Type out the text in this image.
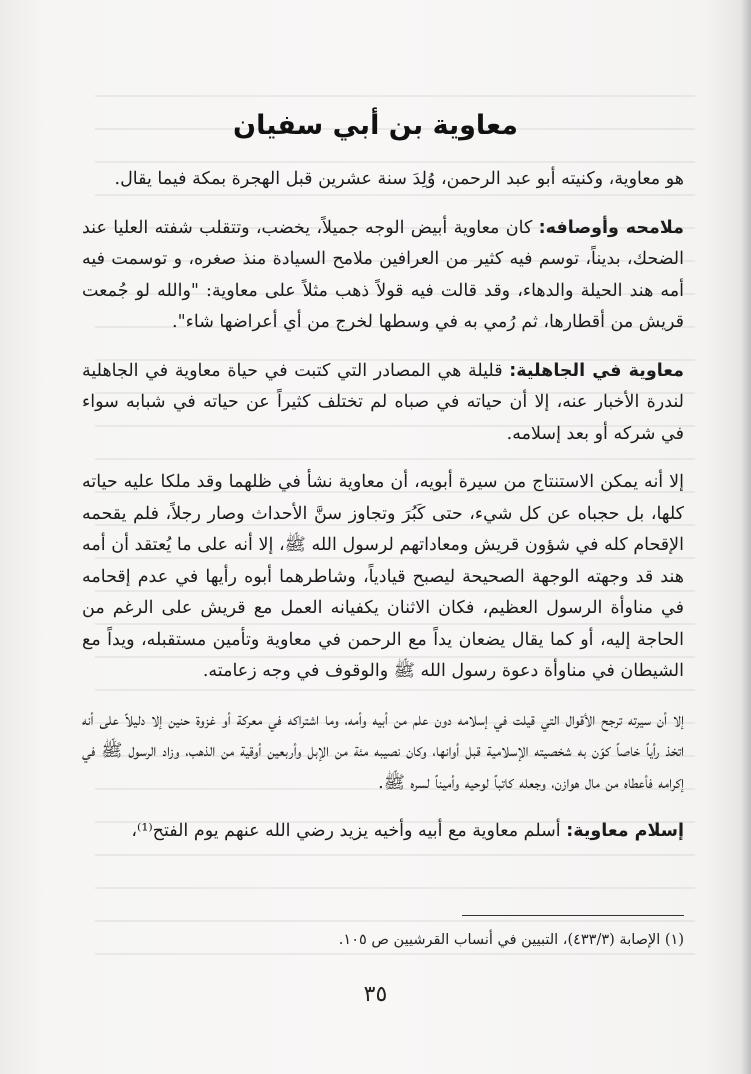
معاوية بن أبي سفيان

هو معاوية، وكنيته أبو عبد الرحمن، وُلِدَ سنة عشرين قبل الهجرة بمكة فيما يقال.

ملامحه وأوصافه: كان معاوية أبيض الوجه جميلاً، يخضب، وتتقلب شفته العليا عند الضحك، بديناً، توسم فيه كثير من العرافين ملامح السيادة منذ صغره، و توسمت فيه أمه هند الحيلة والدهاء، وقد قالت فيه قولاً ذهب مثلاً على معاوية: "والله لو جُمعت قريش من أقطارها، ثم رُمي به في وسطها لخرج من أي أعراضها شاء".

معاوية في الجاهلية: قليلة هي المصادر التي كتبت في حياة معاوية في الجاهلية لندرة الأخبار عنه، إلا أن حياته في صباه لم تختلف كثيراً عن حياته في شبابه سواء في شركه أو بعد إسلامه.

إلا أنه يمكن الاستنتاج من سيرة أبويه، أن معاوية نشأ في ظلهما وقد ملكا عليه حياته كلها، بل حجباه عن كل شيء، حتى كَبُرَ وتجاوز سنَّ الأحداث وصار رجلاً، فلم يقحمه الإقحام كله في شؤون قريش ومعاداتهم لرسول الله ﷺ، إلا أنه على ما يُعتقد أن أمه هند قد وجهته الوجهة الصحيحة ليصبح قيادياً، وشاطرهما أبوه رأيها في عدم إقحامه في مناوأة الرسول العظيم، فكان الاثنان يكفيانه العمل مع قريش على الرغم من الحاجة إليه، أو كما يقال يضعان يداً مع الرحمن في معاوية وتأمين مستقبله، ويداً مع الشيطان في مناوأة دعوة رسول الله ﷺ والوقوف في وجه زعامته.

إلا أن سيرته ترجح الأقوال التي قيلت في إسلامه دون علم من أبيه وأمه، وما اشتراكه في معركة أو غزوة حنين إلا دليلاً على أنه اتخذ رأياً خاصاً كوّن به شخصيته الإسلامية قبل أوانها، وكان نصيبه مئة من الإبل وأربعين أوقية من الذهب، وزاد الرسول ﷺ في إكرامه فأعطاه من مال هوازن، وجعله كاتباً لوحيه وأميناً لسره ﷺ.

إسلام معاوية: أسلم معاوية مع أبيه وأخيه يزيد رضي الله عنهم يوم الفتح⁽¹⁾،

(١) الإصابة (٤٣٣/٣)، التبيين في أنساب القرشيين ص ١٠٥.
٣٥
